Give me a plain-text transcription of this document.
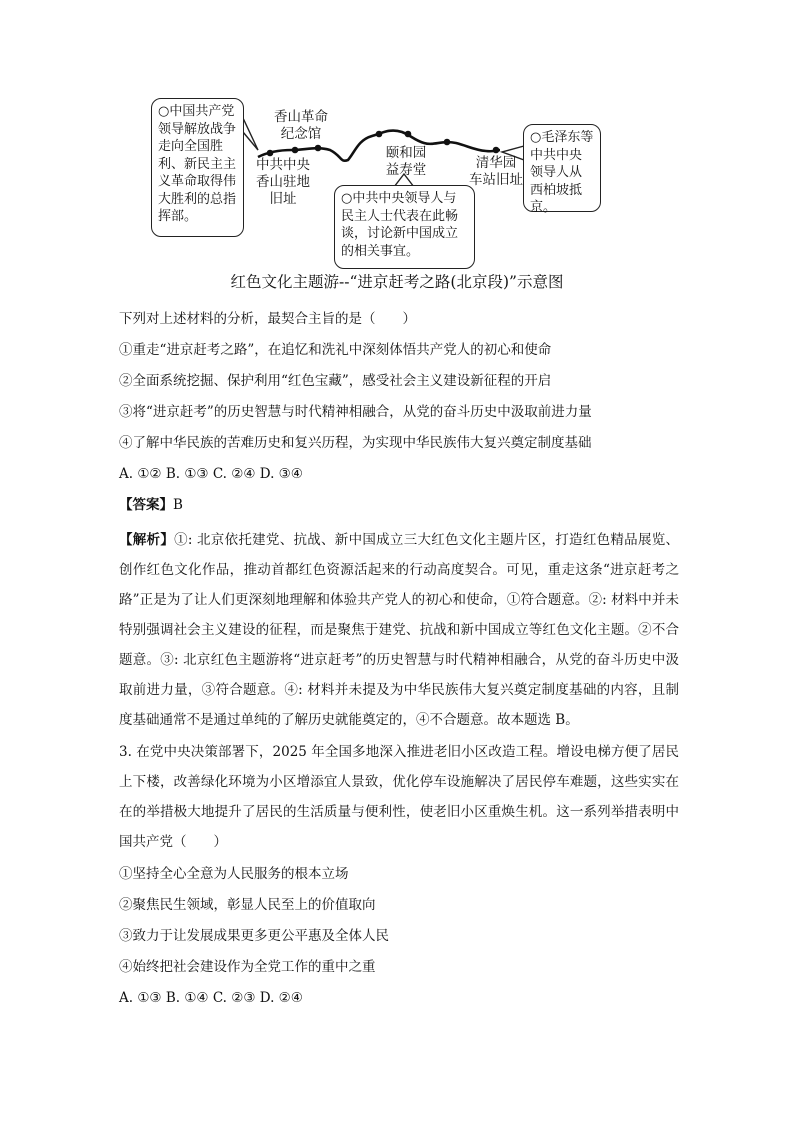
○中国共产党领导解放战争走向全国胜利、新民主主义革命取得伟大胜利的总指挥部。
○中共中央领导人与民主人士代表在此畅谈，讨论新中国成立的相关事宜。
○毛泽东等中共中央领导人从西柏坡抵京。
香山革命
纪念馆
中共中央
香山驻地
旧址
颐和园
益寿堂	清华园
车站旧址
红色文化主题游--“进京赶考之路(北京段)”示意图
下列对上述材料的分析，最契合主旨的是（　　）
①重走“进京赶考之路”，在追忆和洗礼中深刻体悟共产党人的初心和使命
②全面系统挖掘、保护利用“红色宝藏”，感受社会主义建设新征程的开启
③将“进京赶考”的历史智慧与时代精神相融合，从党的奋斗历史中汲取前进力量
④了解中华民族的苦难历史和复兴历程，为实现中华民族伟大复兴奠定制度基础
A. ①② B. ①③ C. ②④ D. ③④
【答案】B
【解析】①: 北京依托建党、抗战、新中国成立三大红色文化主题片区，打造红色精品展览、创作红色文化作品，推动首都红色资源活起来的行动高度契合。可见，重走这条“进京赶考之路”正是为了让人们更深刻地理解和体验共产党人的初心和使命，①符合题意。②: 材料中并未特别强调社会主义建设的征程，而是聚焦于建党、抗战和新中国成立等红色文化主题。②不合题意。③: 北京红色主题游将“进京赶考”的历史智慧与时代精神相融合，从党的奋斗历史中汲取前进力量，③符合题意。④: 材料并未提及为中华民族伟大复兴奠定制度基础的内容，且制度基础通常不是通过单纯的了解历史就能奠定的，④不合题意。故本题选 B。
3. 在党中央决策部署下，2025 年全国多地深入推进老旧小区改造工程。增设电梯方便了居民上下楼，改善绿化环境为小区增添宜人景致，优化停车设施解决了居民停车难题，这些实实在在的举措极大地提升了居民的生活质量与便利性，使老旧小区重焕生机。这一系列举措表明中国共产党（　　）
①坚持全心全意为人民服务的根本立场
②聚焦民生领域，彰显人民至上的价值取向
③致力于让发展成果更多更公平惠及全体人民
④始终把社会建设作为全党工作的重中之重
A. ①③ B. ①④ C. ②③ D. ②④
